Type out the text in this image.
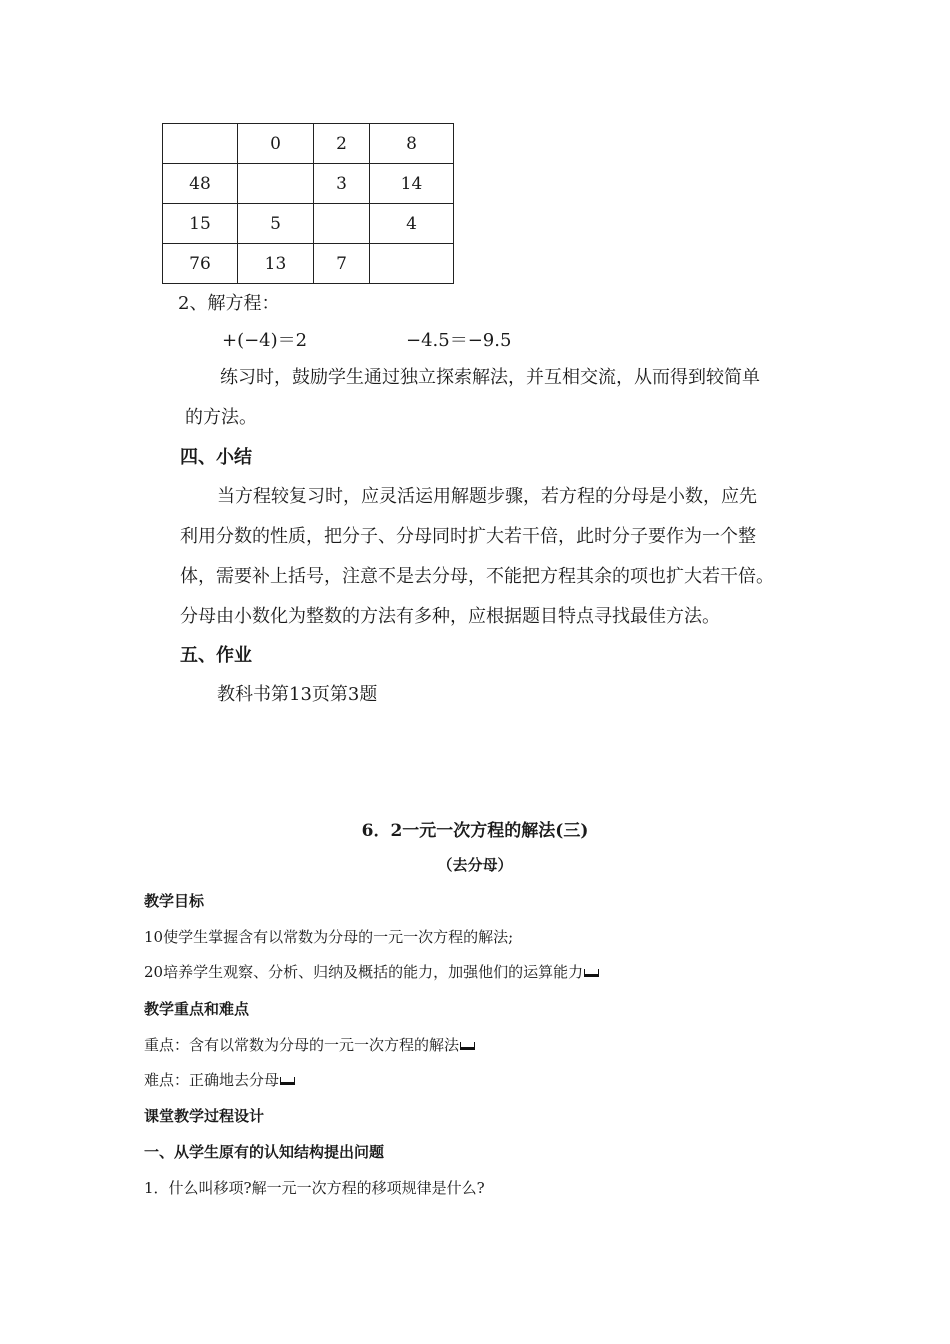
	0	2	8
48		3	14
15	5		4
76	13	7	
2、解方程：
+(−4)＝2	−4.5＝−9.5
练习时，鼓励学生通过独立探索解法，并互相交流，从而得到较简单
的方法。
四、小结
当方程较复习时，应灵活运用解题步骤，若方程的分母是小数，应先
利用分数的性质，把分子、分母同时扩大若干倍，此时分子要作为一个整
体，需要补上括号，注意不是去分母，不能把方程其余的项也扩大若干倍。
分母由小数化为整数的方法有多种，应根据题目特点寻找最佳方法。
五、作业
教科书第13页第3题
6．2一元一次方程的解法(三)
（去分母）
教学目标
10使学生掌握含有以常数为分母的一元一次方程的解法;
20培养学生观察、分析、归纳及概括的能力，加强他们的运算能力
教学重点和难点
重点：含有以常数为分母的一元一次方程的解法
难点：正确地去分母
课堂教学过程设计
一、从学生原有的认知结构提出问题
1．什么叫移项?解一元一次方程的移项规律是什么?
